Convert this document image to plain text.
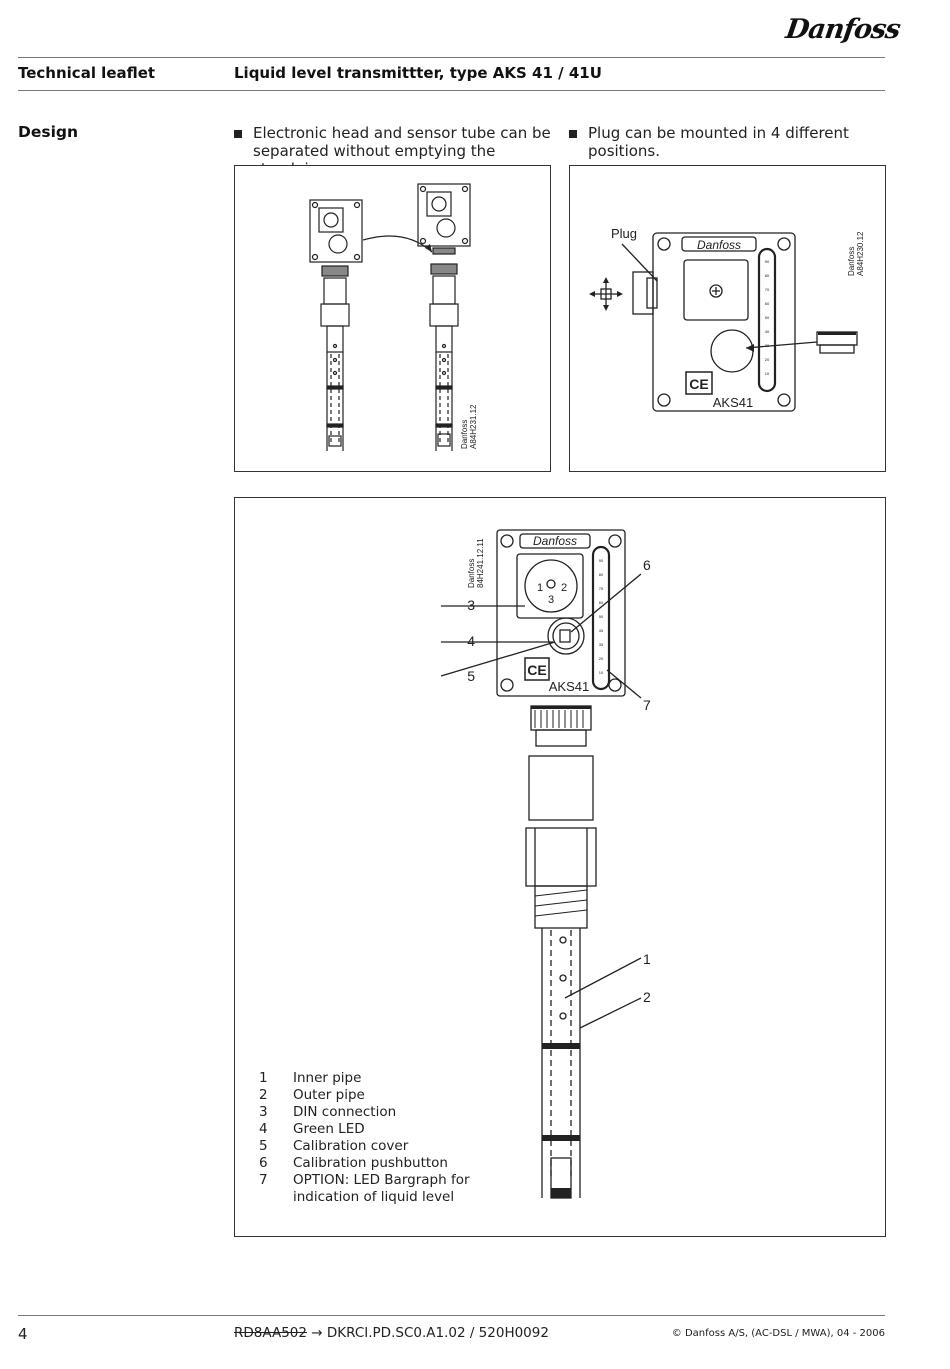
Danfoss
Technical leaflet	Liquid level transmittter, type AKS 41 / 41U
Design	Electronic head and sensor tube can be
separated without emptying the
Plug can be mounted in 4 different positions.
Danfoss A84H231.12
Plug
Danfoss
AKS41
CE
90
80
70
60
50
40
30
20
10
Danfoss A84H230.12
Danfoss
AKS41
CE
1 2
3
90
80
75
60
50
45
35
20
10
3
4
5
6
7
1
2
Danfoss 84H241.12.11
1	Inner pipe
2	Outer pipe
3	DIN connection
4	Green LED
5	Calibration cover
6	Calibration pushbutton
7	OPTION: LED Bargraph for
indication of liquid level
4	RD8AA502 → DKRCI.PD.SC0.A1.02 / 520H0092	© Danfoss A/S, (AC-DSL / MWA), 04 - 2006
